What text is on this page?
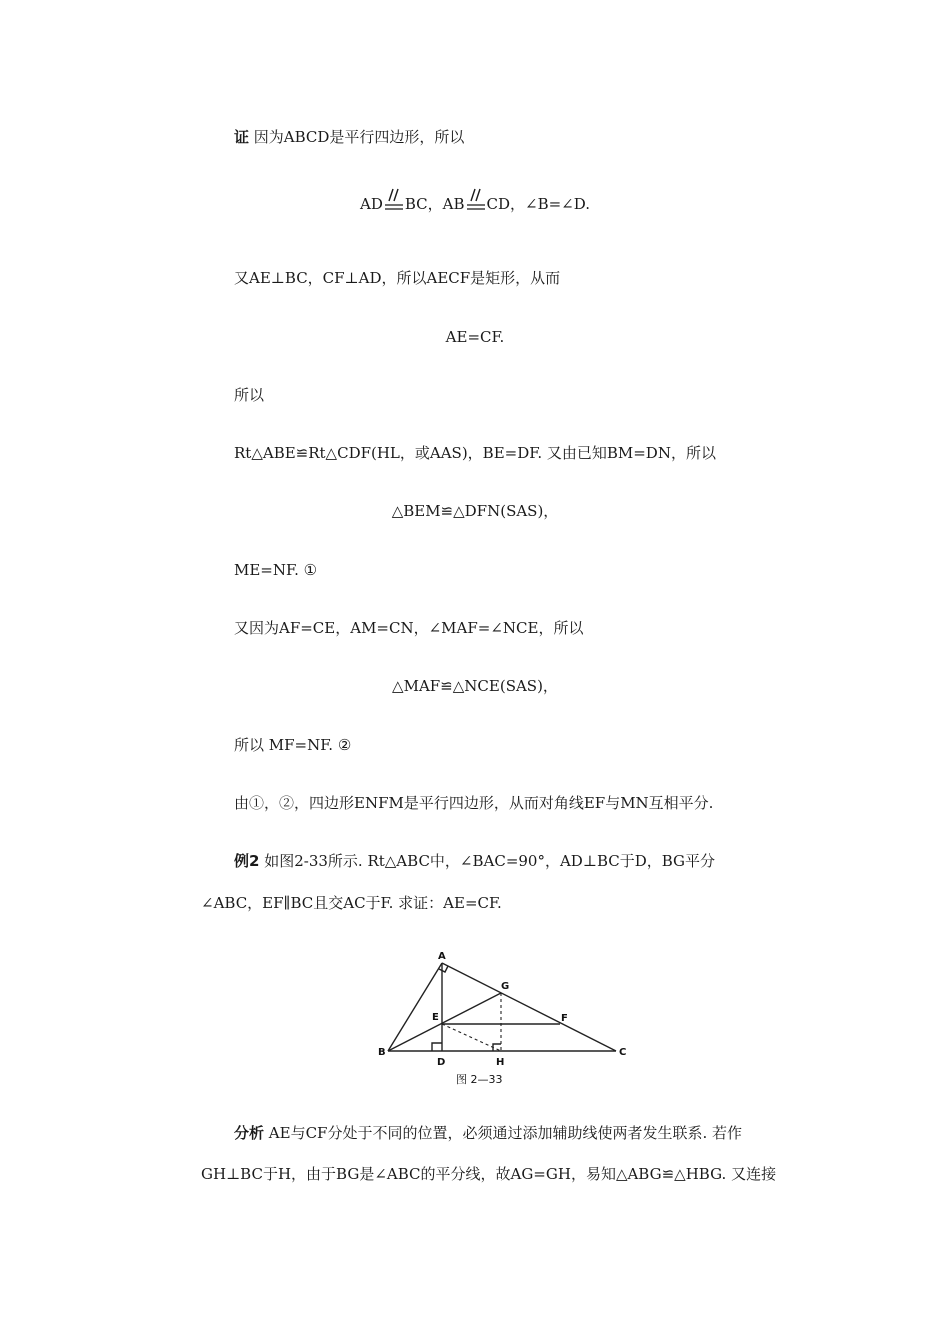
证 因为ABCD是平行四边形，所以
AD BC，AB CD，∠B=∠D.
又AE⊥BC，CF⊥AD，所以AECF是矩形，从而
AE=CF.
所以
Rt△ABE≌Rt△CDF(HL，或AAS)，BE=DF. 又由已知BM=DN，所以
△BEM≌△DFN(SAS)，
ME=NF. ①
又因为AF=CE，AM=CN，∠MAF=∠NCE，所以
△MAF≌△NCE(SAS)，
所以 MF=NF. ②
由①，②，四边形ENFM是平行四边形，从而对角线EF与MN互相平分.
例2 如图2-33所示. Rt△ABC中，∠BAC=90°，AD⊥BC于D，BG平分
∠ABC，EF∥BC且交AC于F. 求证：AE=CF.
A
B	C
D
E	F
G
H
图 2—33
分析 AE与CF分处于不同的位置，必须通过添加辅助线使两者发生联系. 若作
GH⊥BC于H，由于BG是∠ABC的平分线，故AG=GH，易知△ABG≌△HBG. 又连接
